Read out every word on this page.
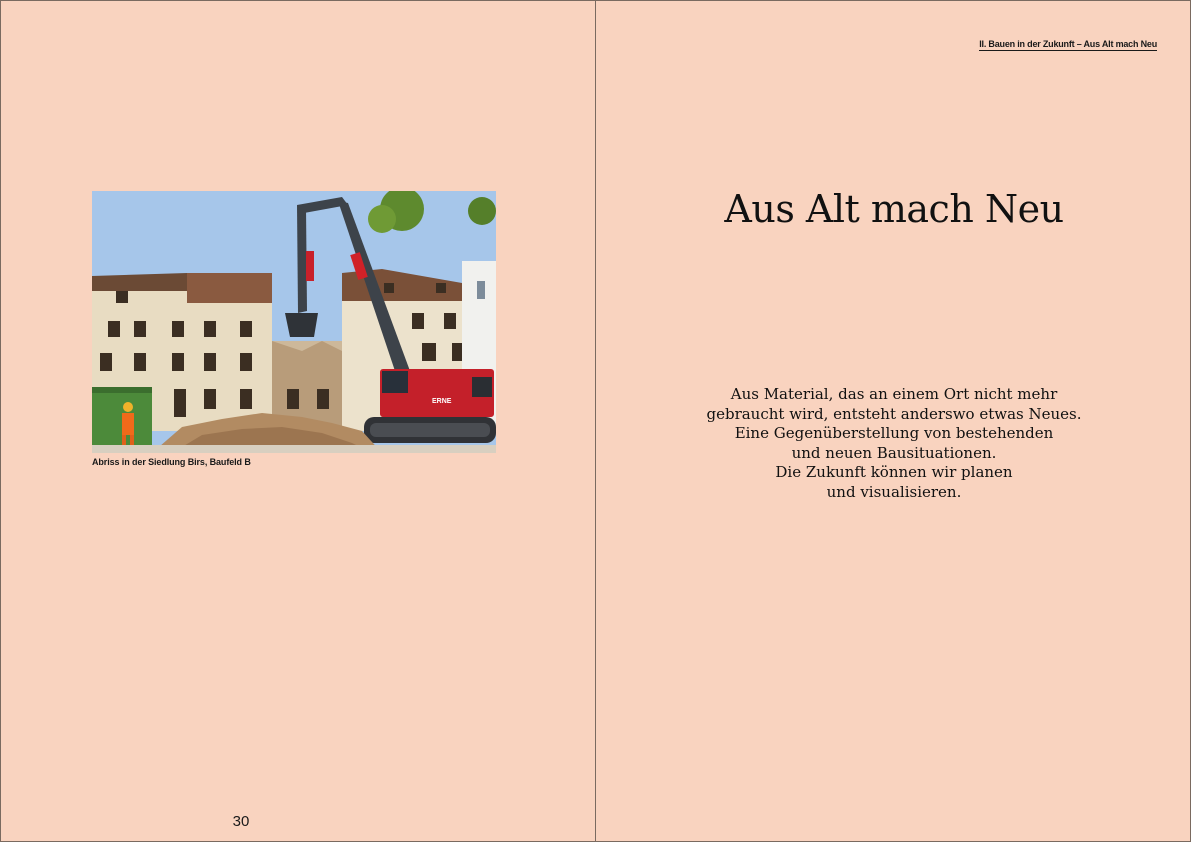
ERNE
Abriss in der Siedlung Birs, Baufeld B
30
II. Bauen in der Zukunft – Aus Alt mach Neu
Aus Alt mach Neu
Aus Material, das an einem Ort nicht mehr
gebraucht wird, entsteht anderswo etwas Neues.
Eine Gegenüberstellung von bestehenden
und neuen Bausituationen.
Die Zukunft können wir planen
und visualisieren.
